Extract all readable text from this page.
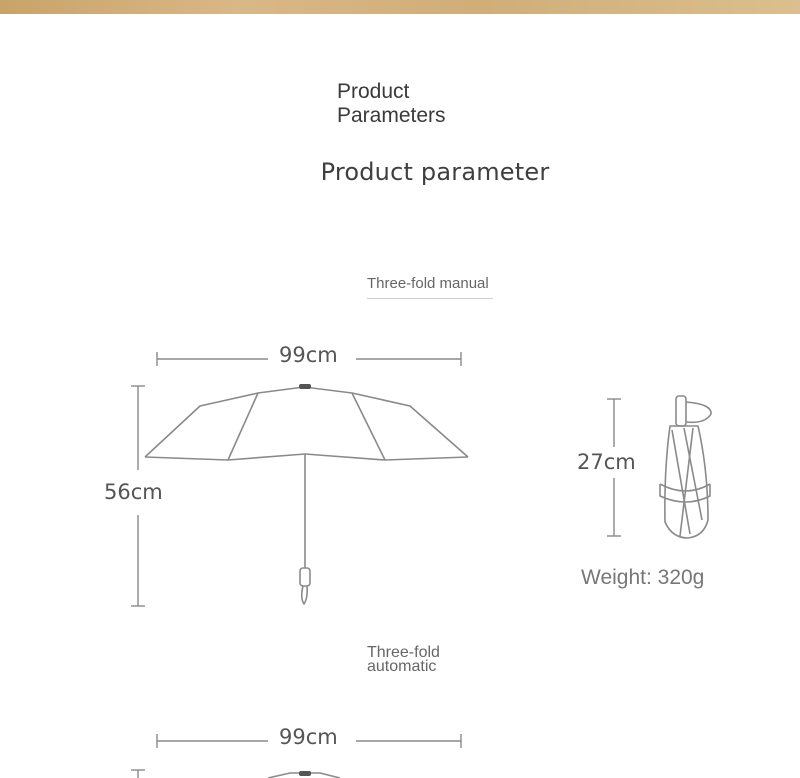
Product
Parameters
Product parameter
Three-fold manual
99cm
56cm
27cm
Weight: 320g
Three-fold
automatic
99cm
